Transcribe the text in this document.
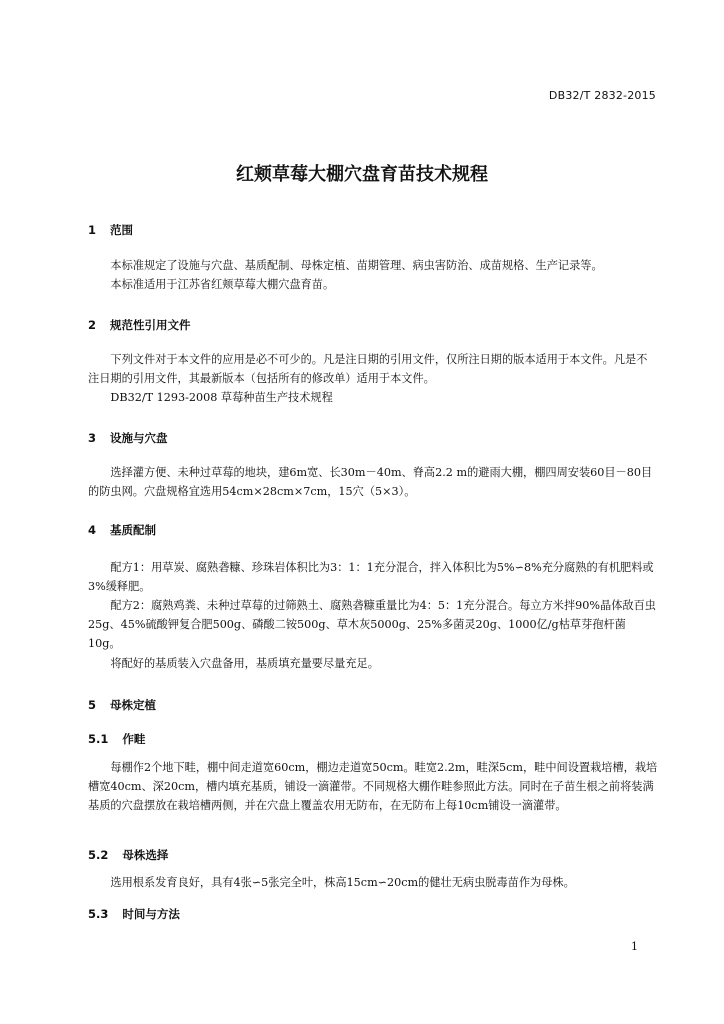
DB32/T 2832-2015
红颊草莓大棚穴盘育苗技术规程
1 范围

本标准规定了设施与穴盘、基质配制、母株定植、苗期管理、病虫害防治、成苗规格、生产记录等。

本标准适用于江苏省红颊草莓大棚穴盘育苗。

2 规范性引用文件

下列文件对于本文件的应用是必不可少的。凡是注日期的引用文件，仅所注日期的版本适用于本文件。凡是不注日期的引用文件，其最新版本（包括所有的修改单）适用于本文件。

DB32/T 1293-2008 草莓种苗生产技术规程

3 设施与穴盘

选择灌方便、未种过草莓的地块，建6m宽、长30m－40m、脊高2.2 m的避雨大棚，棚四周安装60目－80目的防虫网。穴盘规格宜选用54cm×28cm×7cm，15穴（5×3）。

4 基质配制

配方1：用草炭、腐熟砻糠、珍珠岩体积比为3：1：1充分混合，拌入体积比为5%∽8%充分腐熟的有机肥料或3%缓释肥。

配方2：腐熟鸡粪、未种过草莓的过筛熟土、腐熟砻糠重量比为4：5：1充分混合。每立方米拌90%晶体敌百虫25g、45%硫酸钾复合肥500g、磷酸二铵500g、草木灰5000g、25%多菌灵20g、1000亿/g枯草芽孢杆菌10g。

将配好的基质装入穴盘备用，基质填充量要尽量充足。

5 母株定植
5.1 作畦

每棚作2个地下畦，棚中间走道宽60cm，棚边走道宽50cm。畦宽2.2m，畦深5cm，畦中间设置栽培槽，栽培槽宽40cm、深20cm，槽内填充基质，铺设一滴灌带。不同规格大棚作畦参照此方法。同时在子苗生根之前将装满基质的穴盘摆放在栽培槽两侧，并在穴盘上覆盖农用无防布，在无防布上每10cm铺设一滴灌带。

5.2 母株选择

选用根系发育良好，具有4张∽5张完全叶，株高15cm∽20cm的健壮无病虫脱毒苗作为母株。

5.3 时间与方法
1
